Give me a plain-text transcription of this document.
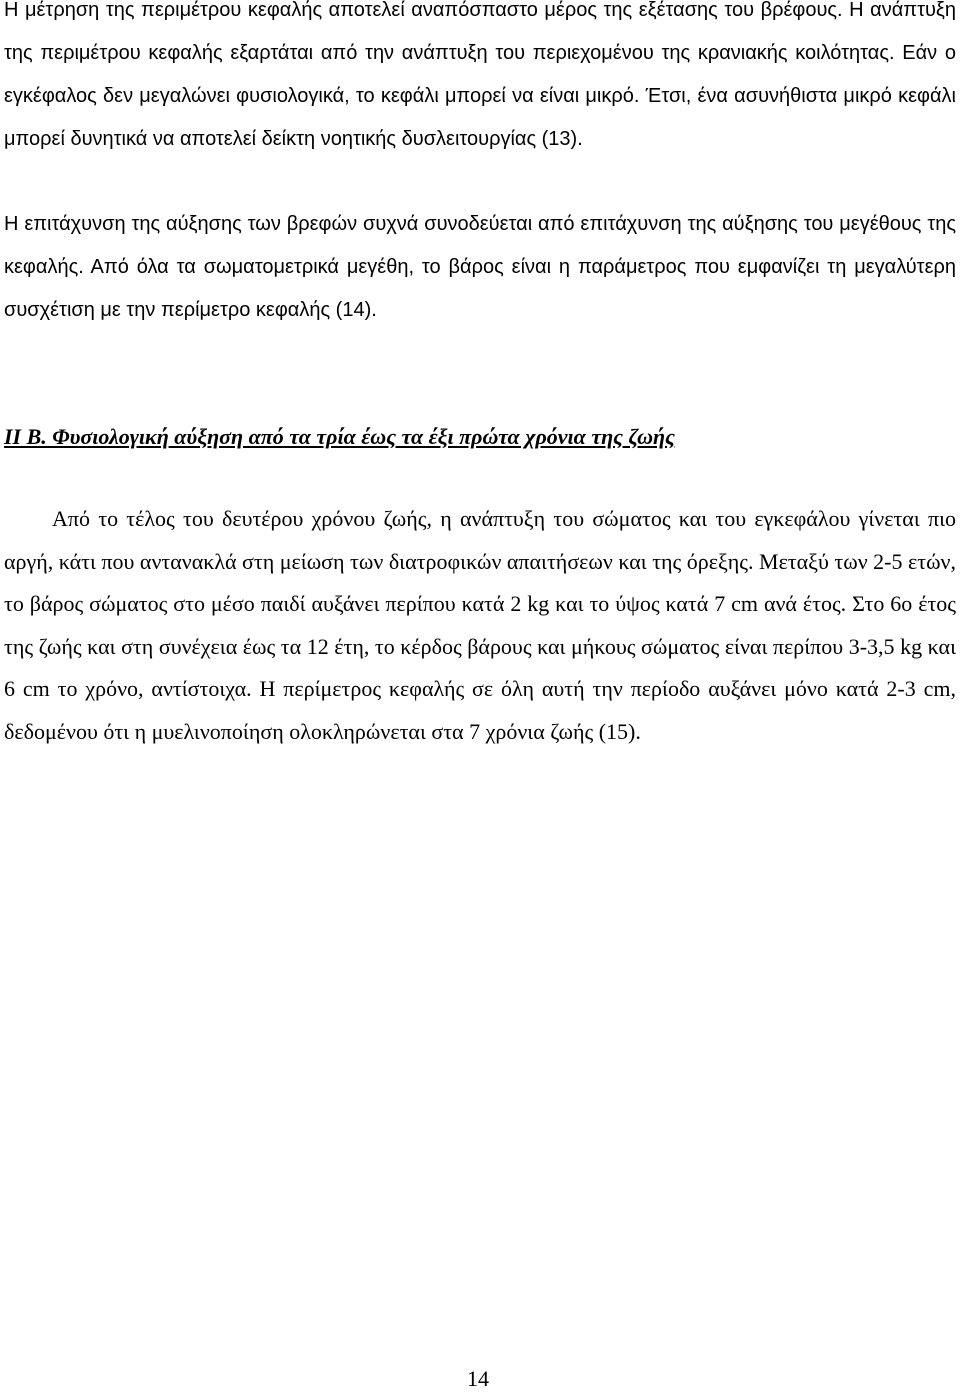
Η μέτρηση της περιμέτρου κεφαλής αποτελεί αναπόσπαστο μέρος της εξέτασης του βρέφους. Η ανάπτυξη της περιμέτρου κεφαλής εξαρτάται από την ανάπτυξη του περιεχομένου της κρανιακής κοιλότητας. Εάν ο εγκέφαλος δεν μεγαλώνει φυσιολογικά, το κεφάλι μπορεί να είναι μικρό. Έτσι, ένα ασυνήθιστα μικρό κεφάλι μπορεί δυνητικά να αποτελεί δείκτη νοητικής δυσλειτουργίας (13).

Η επιτάχυνση της αύξησης των βρεφών συχνά συνοδεύεται από επιτάχυνση της αύξησης του μεγέθους της κεφαλής. Από όλα τα σωματομετρικά μεγέθη, το βάρος είναι η παράμετρος που εμφανίζει τη μεγαλύτερη συσχέτιση με την περίμετρο κεφαλής (14).

ΙΙ Β. Φυσιολογική αύξηση από τα τρία έως τα έξι πρώτα χρόνια της ζωής

Από το τέλος του δευτέρου χρόνου ζωής, η ανάπτυξη του σώματος και του εγκεφάλου γίνεται πιο αργή, κάτι που αντανακλά στη μείωση των διατροφικών απαιτήσεων και της όρεξης. Μεταξύ των 2-5 ετών, το βάρος σώματος στο μέσο παιδί αυξάνει περίπου κατά 2 kg και το ύψος κατά 7 cm ανά έτος. Στο 6ο έτος της ζωής και στη συνέχεια έως τα 12 έτη, το κέρδος βάρους και μήκους σώματος είναι περίπου 3-3,5 kg και 6 cm το χρόνο, αντίστοιχα. Η περίμετρος κεφαλής σε όλη αυτή την περίοδο αυξάνει μόνο κατά 2-3 cm, δεδομένου ότι η μυελινοποίηση ολοκληρώνεται στα 7 χρόνια ζωής (15).

14
